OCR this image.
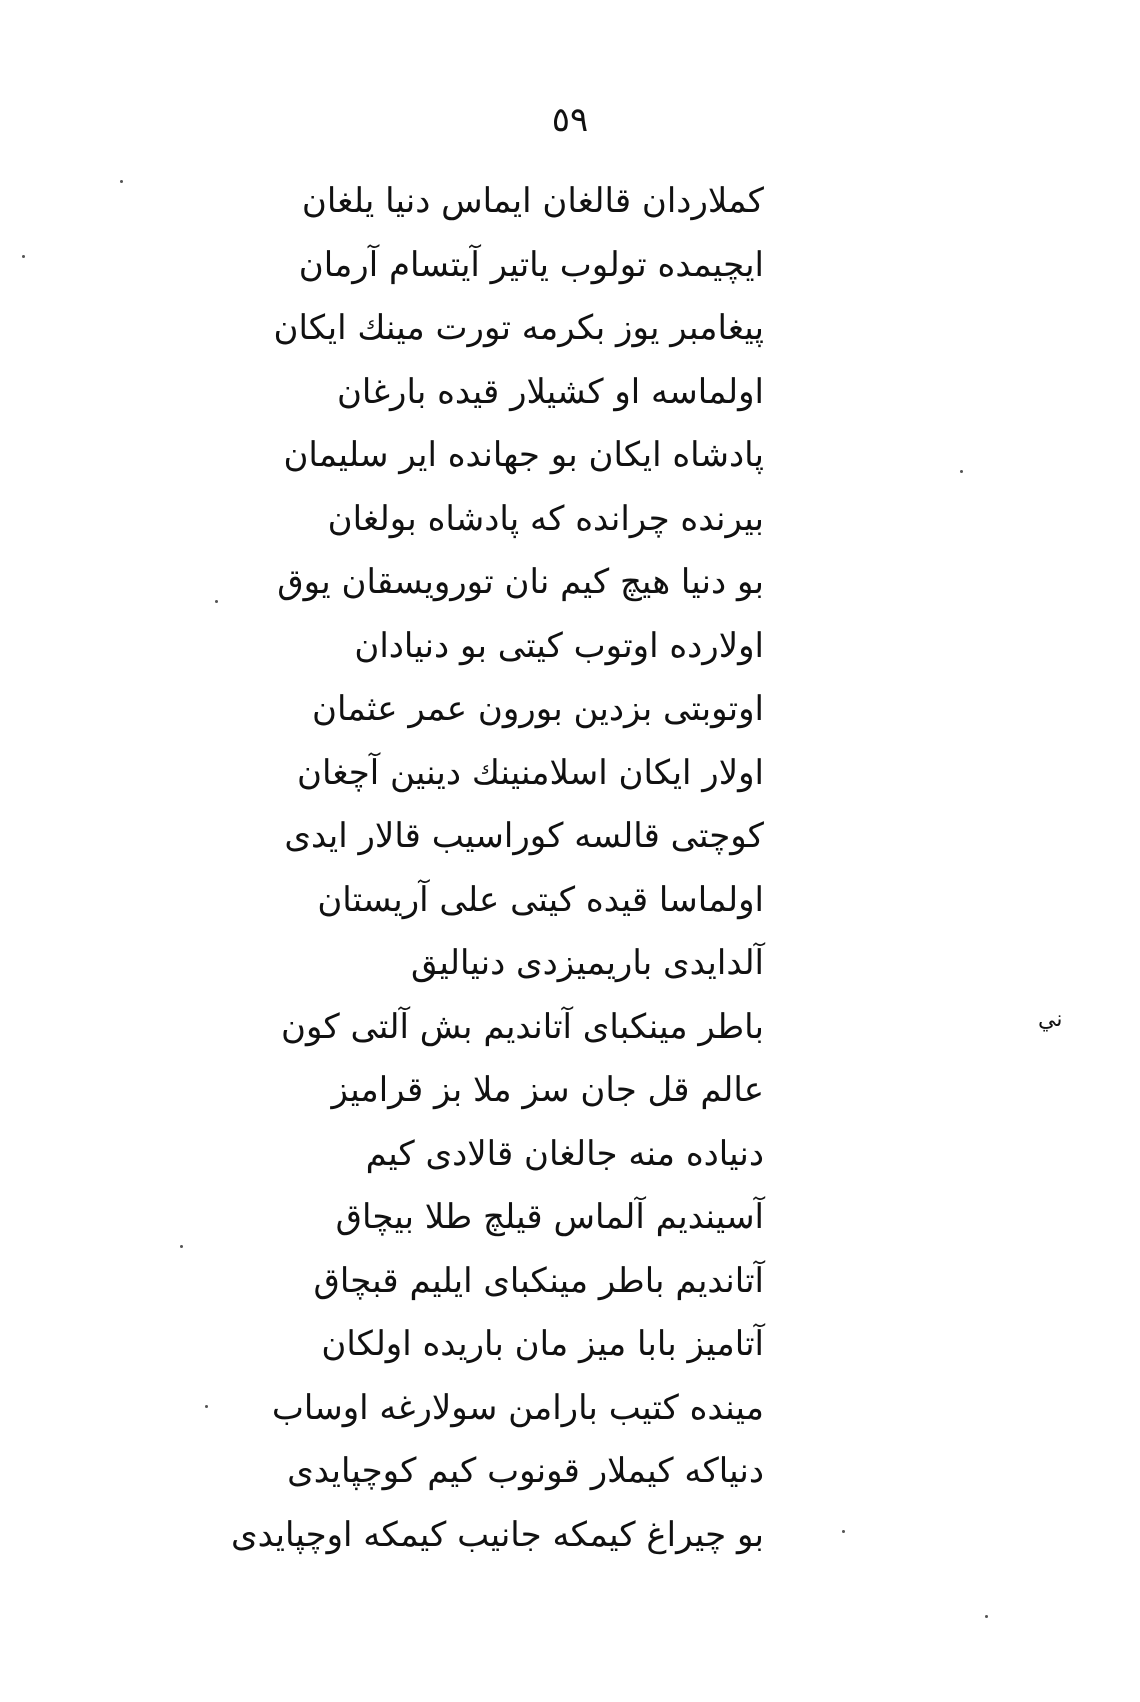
٥٩
كملاردان قالغان ايماس دنيا يلغان
ايچيمده تولوب ياتير آيتسام آرمان
پيغامبر يوز بكرمه تورت مينك ايكان
اولماسه او كشيلار قيده بارغان
پادشاه ايكان بو جهانده اير سليمان
بيرنده چرانده كه پادشاه بولغان
بو دنيا هيچ كيم نان تورويسقان يوق
اولارده اوتوب كيتى بو دنيادان
اوتوبتى بزدين بورون عمر عثمان
اولار ايكان اسلامنينك دينين آچغان
كوچتى قالسه كوراسيب قالار ايدى
اولماسا قيده كيتى على آريستان
آلدايدى باريميزدى دنياليق
باطر مينكباى آتانديم بش آلتى كون
عالم قل جان سز ملا بز قراميز
دنياده منه جالغان قالادى كيم
آسينديم آلماس قيلچ طلا بيچاق
آتانديم باطر مينكباى ايليم قبچاق
آتاميز بابا ميز مان باريده اولكان
مينده كتيب بارامن سولارغه اوساب
دنياكه كيملار قونوب كيم كوچپايدى
بو چيراغ كيمكه جانيب كيمكه اوچپايدى
ني
